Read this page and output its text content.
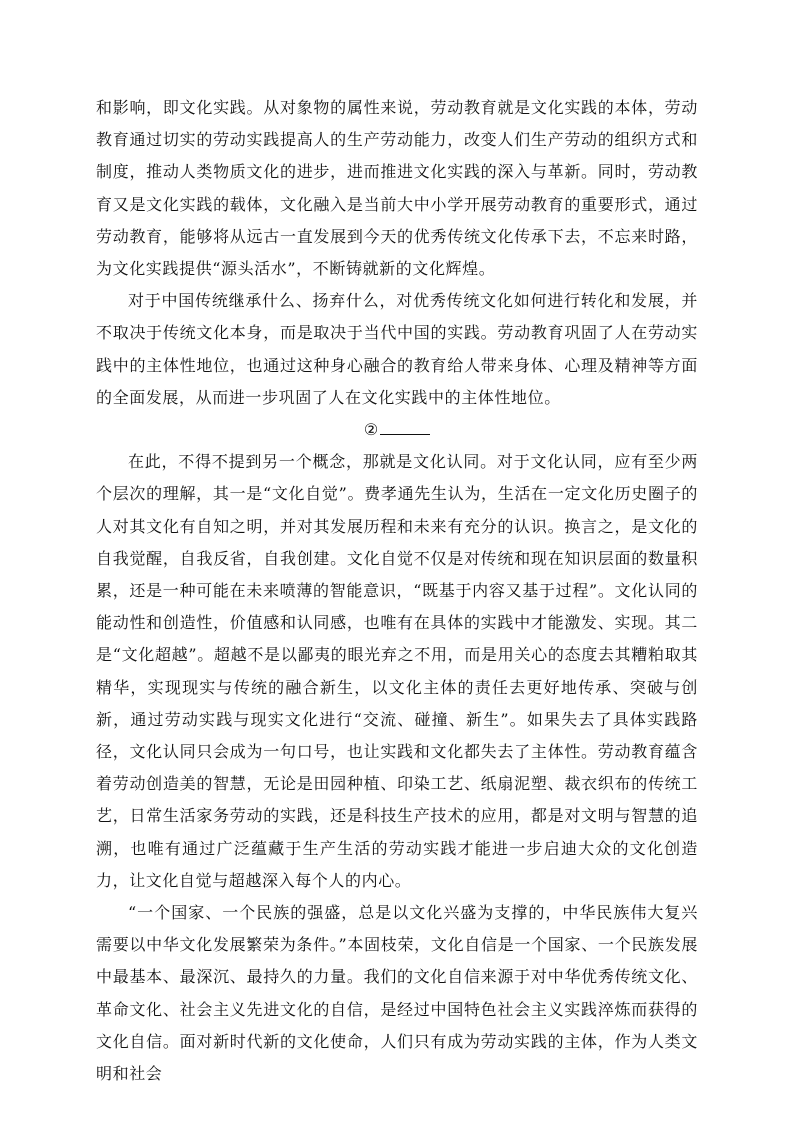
和影响，即文化实践。从对象物的属性来说，劳动教育就是文化实践的本体，劳动教育通过切实的劳动实践提高人的生产劳动能力，改变人们生产劳动的组织方式和制度，推动人类物质文化的进步，进而推进文化实践的深入与革新。同时，劳动教育又是文化实践的载体，文化融入是当前大中小学开展劳动教育的重要形式，通过劳动教育，能够将从远古一直发展到今天的优秀传统文化传承下去，不忘来时路，为文化实践提供“源头活水”，不断铸就新的文化辉煌。

对于中国传统继承什么、扬弃什么，对优秀传统文化如何进行转化和发展，并不取决于传统文化本身，而是取决于当代中国的实践。劳动教育巩固了人在劳动实践中的主体性地位，也通过这种身心融合的教育给人带来身体、心理及精神等方面的全面发展，从而进一步巩固了人在文化实践中的主体性地位。

②

在此，不得不提到另一个概念，那就是文化认同。对于文化认同，应有至少两个层次的理解，其一是“文化自觉”。费孝通先生认为，生活在一定文化历史圈子的人对其文化有自知之明，并对其发展历程和未来有充分的认识。换言之，是文化的自我觉醒，自我反省，自我创建。文化自觉不仅是对传统和现在知识层面的数量积累，还是一种可能在未来喷薄的智能意识，“既基于内容又基于过程”。文化认同的能动性和创造性，价值感和认同感，也唯有在具体的实践中才能激发、实现。其二是“文化超越”。超越不是以鄙夷的眼光弃之不用，而是用关心的态度去其糟粕取其精华，实现现实与传统的融合新生，以文化主体的责任去更好地传承、突破与创新，通过劳动实践与现实文化进行“交流、碰撞、新生”。如果失去了具体实践路径，文化认同只会成为一句口号，也让实践和文化都失去了主体性。劳动教育蕴含着劳动创造美的智慧，无论是田园种植、印染工艺、纸扇泥塑、裁衣织布的传统工艺，日常生活家务劳动的实践，还是科技生产技术的应用，都是对文明与智慧的追溯，也唯有通过广泛蕴藏于生产生活的劳动实践才能进一步启迪大众的文化创造力，让文化自觉与超越深入每个人的内心。

“一个国家、一个民族的强盛，总是以文化兴盛为支撑的，中华民族伟大复兴需要以中华文化发展繁荣为条件。”本固枝荣，文化自信是一个国家、一个民族发展中最基本、最深沉、最持久的力量。我们的文化自信来源于对中华优秀传统文化、革命文化、社会主义先进文化的自信，是经过中国特色社会主义实践淬炼而获得的文化自信。面对新时代新的文化使命，人们只有成为劳动实践的主体，作为人类文明和社会
